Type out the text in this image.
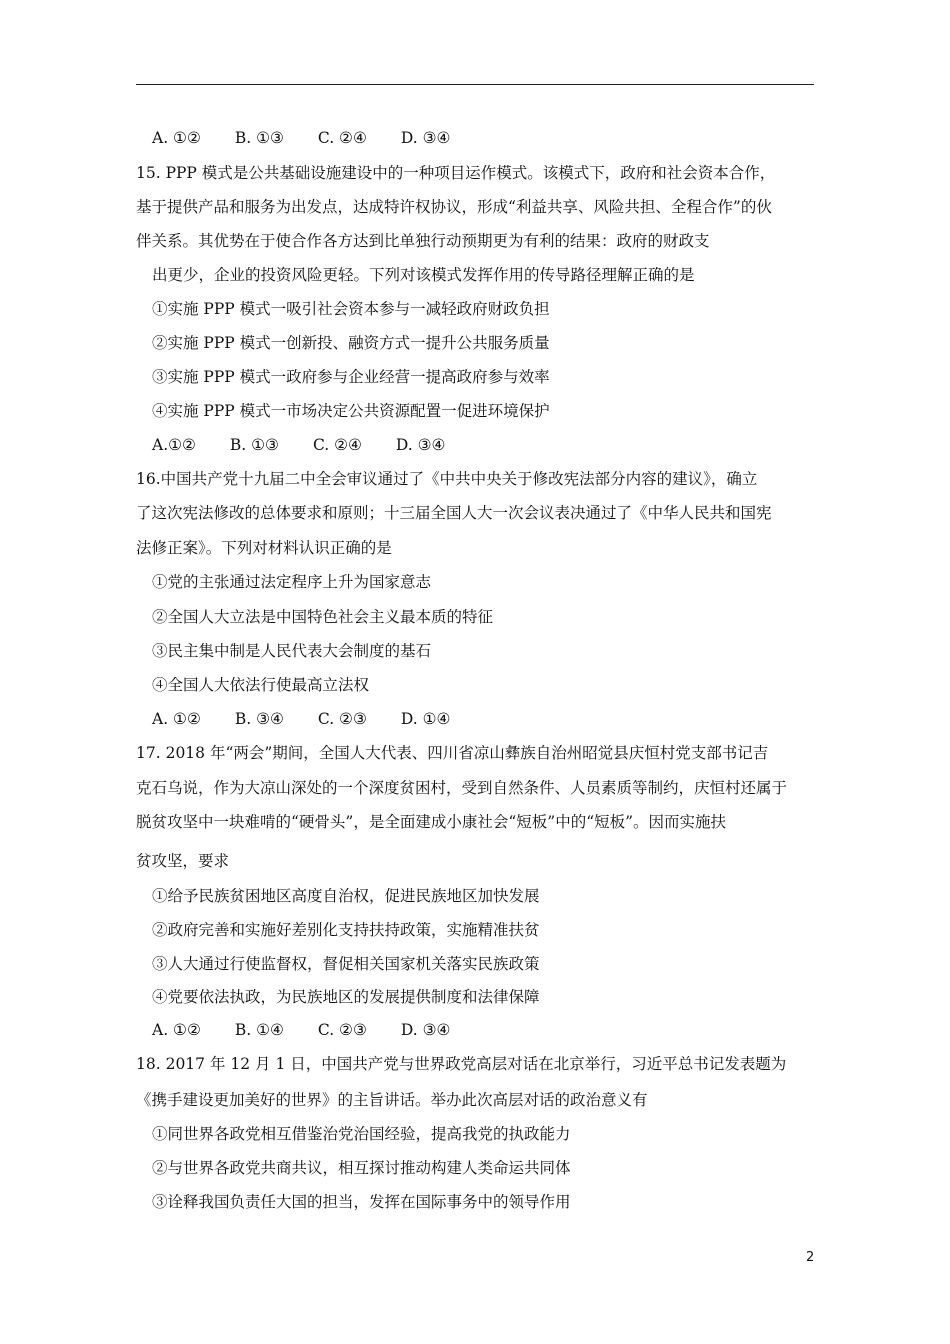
A. ①② B. ①③ C. ②④ D. ③④
15. PPP 模式是公共基础设施建设中的一种项目运作模式。该模式下，政府和社会资本合作，
基于提供产品和服务为出发点，达成特许权协议，形成“利益共享、风险共担、全程合作”的伙
伴关系。其优势在于使合作各方达到比单独行动预期更为有利的结果：政府的财政支
出更少，企业的投资风险更轻。下列对该模式发挥作用的传导路径理解正确的是
①实施 PPP 模式一吸引社会资本参与一减轻政府财政负担
②实施 PPP 模式一创新投、融资方式一提升公共服务质量
③实施 PPP 模式一政府参与企业经营一提高政府参与效率
④实施 PPP 模式一市场决定公共资源配置一促进环境保护
A.①② B. ①③ C. ②④ D. ③④
16.中国共产党十九届二中全会审议通过了《中共中央关于修改宪法部分内容的建议》，确立
了这次宪法修改的总体要求和原则；十三届全国人大一次会议表决通过了《中华人民共和国宪
法修正案》。下列对材料认识正确的是
①党的主张通过法定程序上升为国家意志
②全国人大立法是中国特色社会主义最本质的特征
③民主集中制是人民代表大会制度的基石
④全国人大依法行使最高立法权
A. ①② B. ③④ C. ②③ D. ①④
17. 2018 年“两会”期间，全国人大代表、四川省凉山彝族自治州昭觉县庆恒村党支部书记吉
克石乌说，作为大凉山深处的一个深度贫困村，受到自然条件、人员素质等制约，庆恒村还属于
脱贫攻坚中一块难啃的“硬骨头”，是全面建成小康社会“短板”中的“短板”。因而实施扶
贫攻坚，要求
①给予民族贫困地区高度自治权，促进民族地区加快发展
②政府完善和实施好差别化支持扶持政策，实施精准扶贫
③人大通过行使监督权，督促相关国家机关落实民族政策
④党要依法执政，为民族地区的发展提供制度和法律保障
A. ①② B. ①④ C. ②③ D. ③④
18. 2017 年 12 月 1 日，中国共产党与世界政党高层对话在北京举行，习近平总书记发表题为
《携手建设更加美好的世界》的主旨讲话。举办此次高层对话的政治意义有
①同世界各政党相互借鉴治党治国经验，提高我党的执政能力
②与世界各政党共商共议，相互探讨推动构建人类命运共同体
③诠释我国负责任大国的担当，发挥在国际事务中的领导作用
2
